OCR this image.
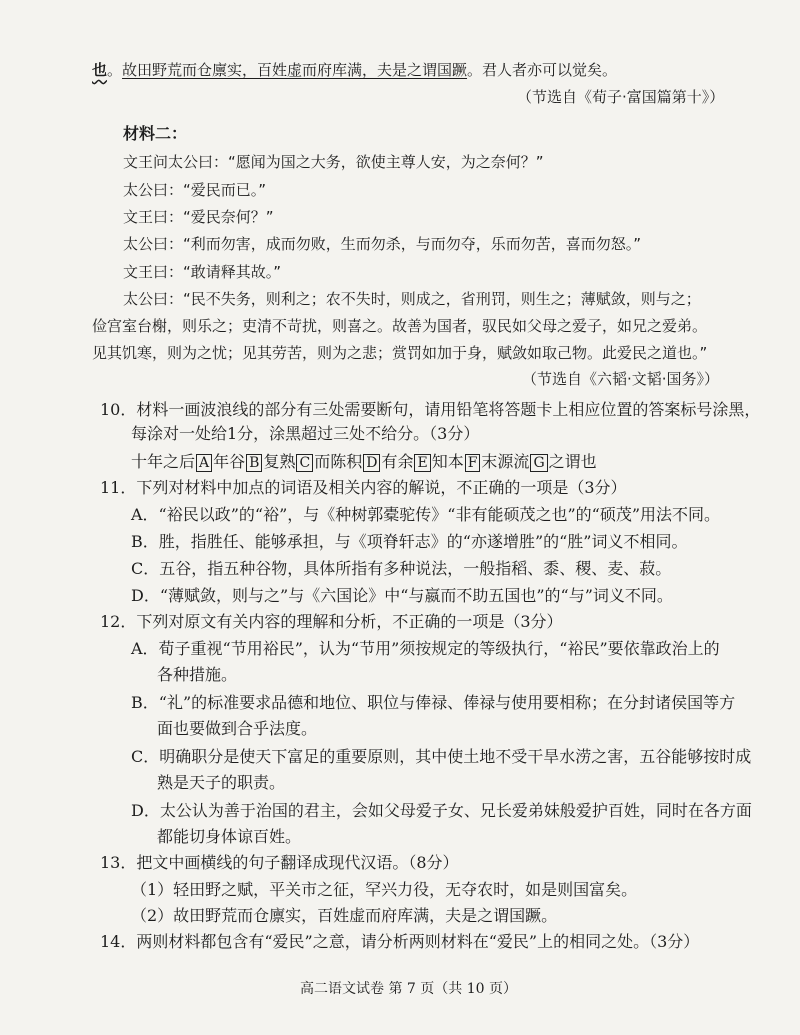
也。故田野荒而仓廪实，百姓虚而府库满，夫是之谓国蹶。君人者亦可以觉矣。
（节选自《荀子·富国篇第十》）
材料二：
文王问太公曰：“愿闻为国之大务，欲使主尊人安，为之奈何？”
太公曰：“爱民而已。”
文王曰：“爱民奈何？”
太公曰：“利而勿害，成而勿败，生而勿杀，与而勿夺，乐而勿苦，喜而勿怒。”
文王曰：“敢请释其故。”
太公曰：“民不失务，则利之；农不失时，则成之，省刑罚，则生之；薄赋敛，则与之；
俭宫室台榭，则乐之；吏清不苛扰，则喜之。故善为国者，驭民如父母之爱子，如兄之爱弟。
见其饥寒，则为之忧；见其劳苦，则为之悲；赏罚如加于身，赋敛如取己物。此爱民之道也。”
（节选自《六韬·文韬·国务》）
10．材料一画波浪线的部分有三处需要断句，请用铅笔将答题卡上相应位置的答案标号涂黑，
每涂对一处给1分，涂黑超过三处不给分。（3分）
十年之后 A 年谷 B 复熟 C 而陈积 D 有余 E 知本 F 末源流 G 之谓也
11．下列对材料中加点的词语及相关内容的解说，不正确的一项是（3分）
A．“裕民以政”的“裕”，与《种树郭橐驼传》“非有能硕茂之也”的“硕茂”用法不同。
B．胜，指胜任、能够承担，与《项脊轩志》的“亦遂增胜”的“胜”词义不相同。
C．五谷，指五种谷物，具体所指有多种说法，一般指稻、黍、稷、麦、菽。
D．“薄赋敛，则与之”与《六国论》中“与嬴而不助五国也”的“与”词义不同。
12．下列对原文有关内容的理解和分析，不正确的一项是（3分）
A．荀子重视“节用裕民”，认为“节用”须按规定的等级执行，“裕民”要依靠政治上的
各种措施。
B．“礼”的标准要求品德和地位、职位与俸禄、俸禄与使用要相称；在分封诸侯国等方
面也要做到合乎法度。
C．明确职分是使天下富足的重要原则，其中使土地不受干旱水涝之害，五谷能够按时成
熟是天子的职责。
D．太公认为善于治国的君主，会如父母爱子女、兄长爱弟妹般爱护百姓，同时在各方面
都能切身体谅百姓。
13．把文中画横线的句子翻译成现代汉语。（8分）
（1）轻田野之赋，平关市之征，罕兴力役，无夺农时，如是则国富矣。
（2）故田野荒而仓廪实，百姓虚而府库满，夫是之谓国蹶。
14．两则材料都包含有“爱民”之意，请分析两则材料在“爱民”上的相同之处。（3分）
高二语文试卷 第 7 页（共 10 页）
